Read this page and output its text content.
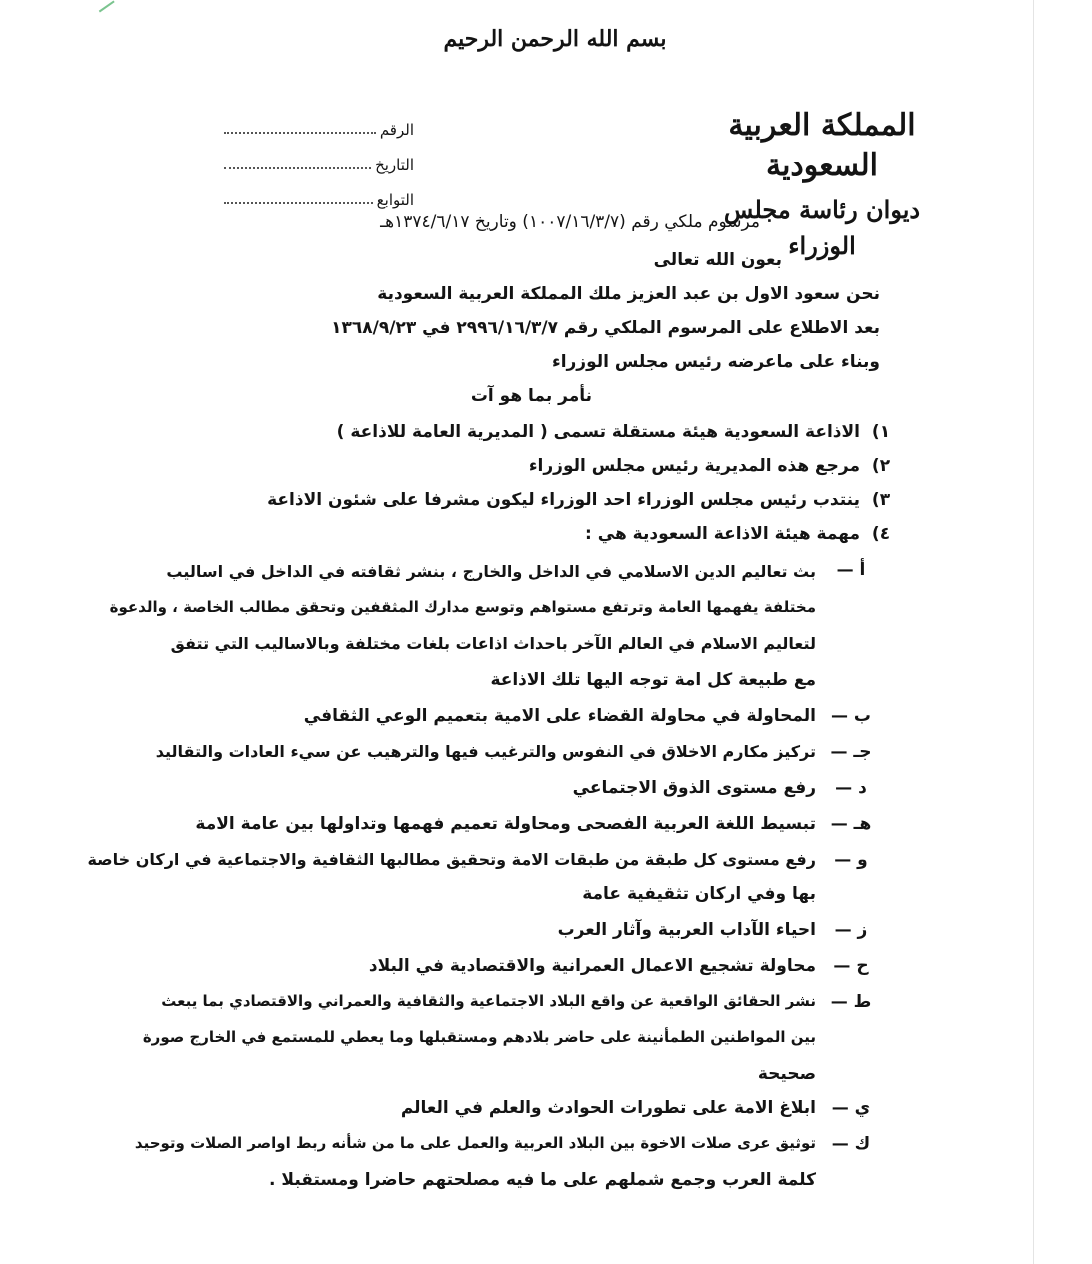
بسم الله الرحمن الرحيم
المملكة العربية السعودية
ديوان رئاسة مجلس الوزراء
الرقم
التاريخ
التوابع
مرسوم ملكي رقم (١٠٠٧/١٦/٣/٧) وتاريخ ١٣٧٤/٦/١٧هـ
بعون الله تعالى
نحن سعود الاول بن عبد العزيز ملك المملكة العربية السعودية
بعد الاطلاع على المرسوم الملكي رقم ٢٩٩٦/١٦/٣/٧ في ١٣٦٨/٩/٢٣
وبناء على ماعرضه رئيس مجلس الوزراء
نأمر بما هو آت
١)
الاذاعة السعودية هيئة مستقلة تسمى ( المديرية العامة للاذاعة )
٢)
مرجع هذه المديرية رئيس مجلس الوزراء
٣)
ينتدب رئيس مجلس الوزراء احد الوزراء ليكون مشرفا على شئون الاذاعة
٤)
مهمة هيئة الاذاعة السعودية هي :
أ —
بث تعاليم الدين الاسلامي في الداخل والخارج ، بنشر ثقافته في الداخل في اساليب
مختلفة يفهمها العامة وترتفع مستواهم وتوسع مدارك المثقفين وتحقق مطالب الخاصة ، والدعوة
لتعاليم الاسلام في العالم الآخر باحداث اذاعات بلغات مختلفة وبالاساليب التي تتفق
مع طبيعة كل امة توجه اليها تلك الاذاعة
ب —
المحاولة في محاولة القضاء على الامية بتعميم الوعي الثقافي
جـ —
تركيز مكارم الاخلاق في النفوس والترغيب فيها والترهيب عن سيء العادات والتقاليد
د —
رفع مستوى الذوق الاجتماعي
هـ —
تبسيط اللغة العربية الفصحى ومحاولة تعميم فهمها وتداولها بين عامة الامة
و —
رفع مستوى كل طبقة من طبقات الامة وتحقيق مطالبها الثقافية والاجتماعية في اركان خاصة
بها وفي اركان تثقيفية عامة
ز —
احياء الآداب العربية وآثار العرب
ح —
محاولة تشجيع الاعمال العمرانية والاقتصادية في البلاد
ط —
نشر الحقائق الواقعية عن واقع البلاد الاجتماعية والثقافية والعمراني والاقتصادي بما يبعث
بين المواطنين الطمأنينة على حاضر بلادهم ومستقبلها وما يعطي للمستمع في الخارج صورة
صحيحة
ي —
ابلاغ الامة على تطورات الحوادث والعلم في العالم
ك —
توثيق عرى صلات الاخوة بين البلاد العربية والعمل على ما من شأنه ربط اواصر الصلات وتوحيد
كلمة العرب وجمع شملهم على ما فيه مصلحتهم حاضرا ومستقبلا .
